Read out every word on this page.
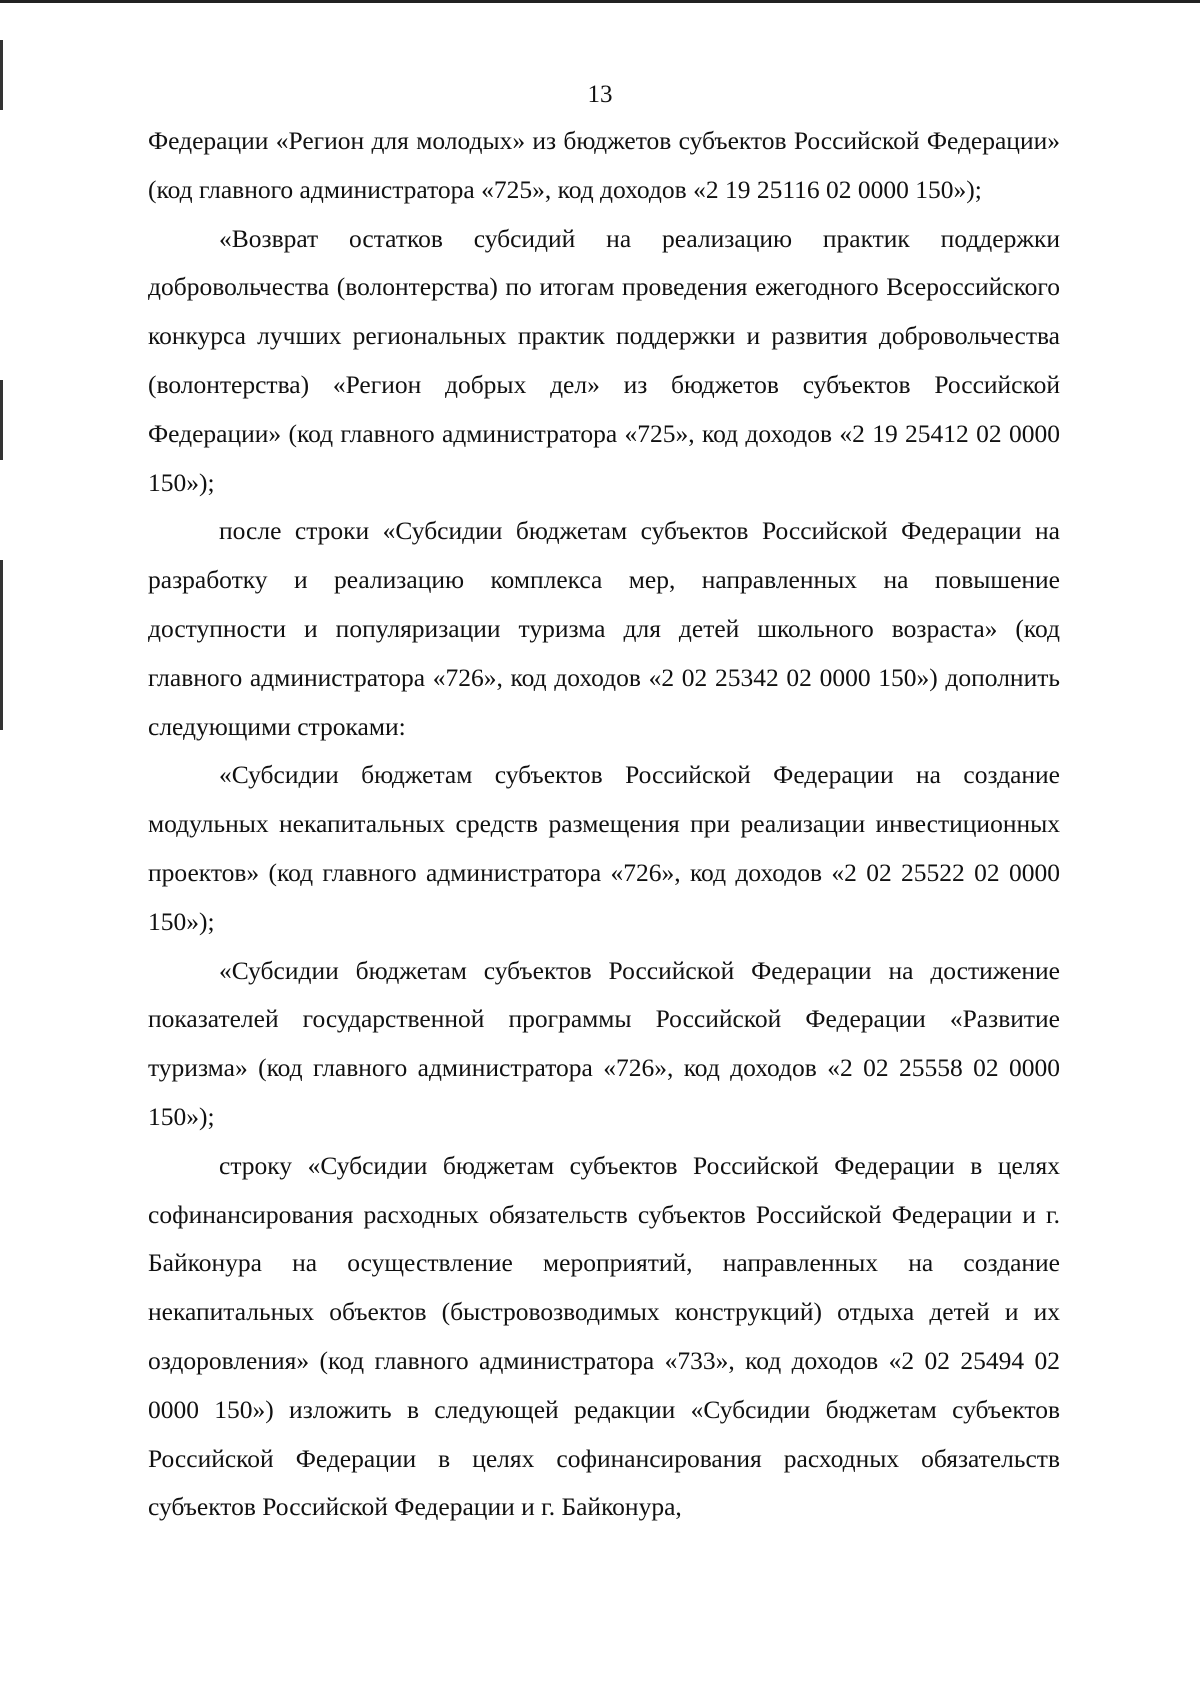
13

Федерации «Регион для молодых» из бюджетов субъектов Российской Федерации» (код главного администратора «725», код доходов «2 19 25116 02 0000 150»);

«Возврат остатков субсидий на реализацию практик поддержки добровольчества (волонтерства) по итогам проведения ежегодного Всероссийского конкурса лучших региональных практик поддержки и развития добровольчества (волонтерства) «Регион добрых дел» из бюджетов субъектов Российской Федерации» (код главного администратора «725», код доходов «2 19 25412 02 0000 150»);

после строки «Субсидии бюджетам субъектов Российской Федерации на разработку и реализацию комплекса мер, направленных на повышение доступности и популяризации туризма для детей школьного возраста» (код главного администратора «726», код доходов «2 02 25342 02 0000 150») дополнить следующими строками:

«Субсидии бюджетам субъектов Российской Федерации на создание модульных некапитальных средств размещения при реализации инвестиционных проектов» (код главного администратора «726», код доходов «2 02 25522 02 0000 150»);

«Субсидии бюджетам субъектов Российской Федерации на достижение показателей государственной программы Российской Федерации «Развитие туризма» (код главного администратора «726», код доходов «2 02 25558 02 0000 150»);

строку «Субсидии бюджетам субъектов Российской Федерации в целях софинансирования расходных обязательств субъектов Российской Федерации и г. Байконура на осуществление мероприятий, направленных на создание некапитальных объектов (быстровозводимых конструкций) отдыха детей и их оздоровления» (код главного администратора «733», код доходов «2 02 25494 02 0000 150») изложить в следующей редакции «Субсидии бюджетам субъектов Российской Федерации в целях софинансирования расходных обязательств субъектов Российской Федерации и г. Байконура,
